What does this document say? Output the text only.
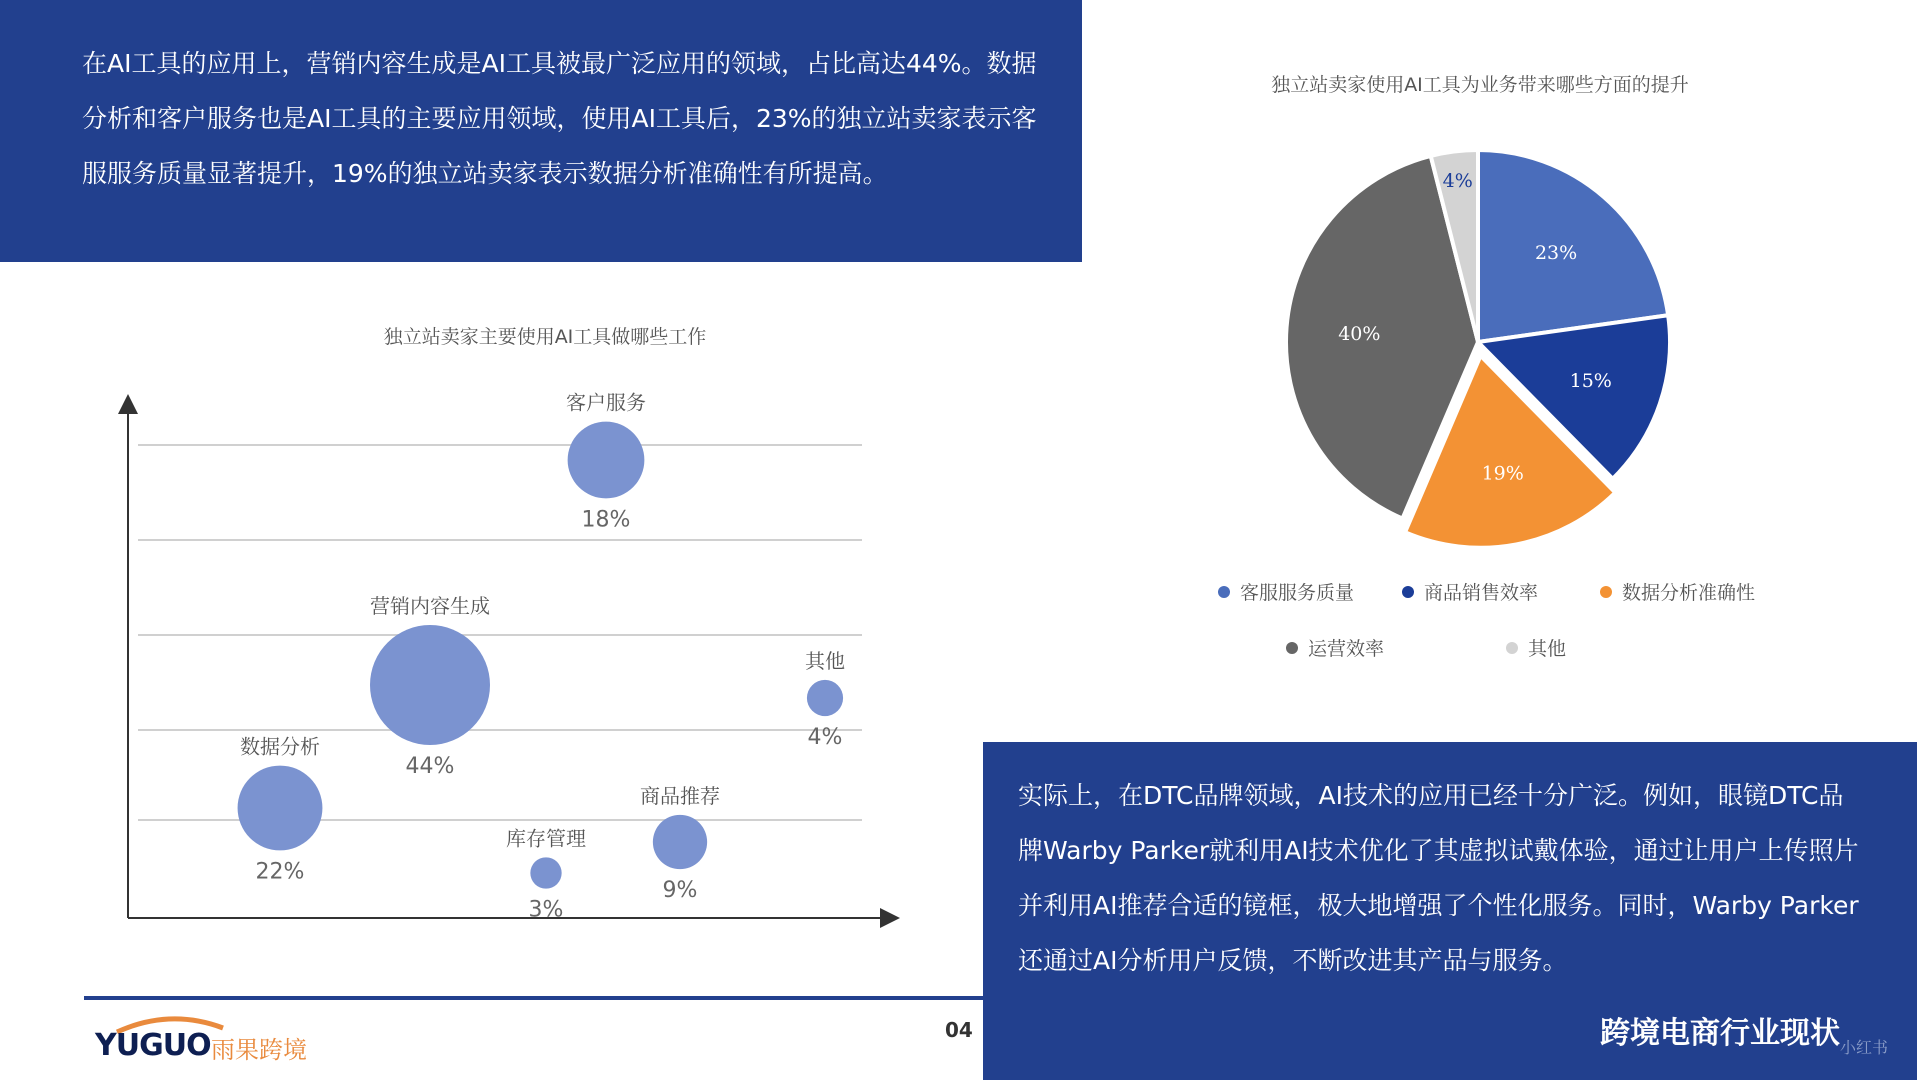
在AI工具的应用上，营销内容生成是AI工具被最广泛应用的领域，占比高达44%。数据分析和客户服务也是AI工具的主要应用领域，使用AI工具后，23%的独立站卖家表示客服服务质量显著提升，19%的独立站卖家表示数据分析准确性有所提高。
独立站卖家主要使用AI工具做哪些工作
独立站卖家使用AI工具为业务带来哪些方面的提升
客户服务
18%
营销内容生成
44%
其他
4%
数据分析
22%
库存管理
3%
商品推荐
9%
23%
15%
19%
40%
4%
客服服务质量	商品销售效率	数据分析准确性
运营效率	其他
实际上，在DTC品牌领域，AI技术的应用已经十分广泛。例如，眼镜DTC品牌Warby Parker就利用AI技术优化了其虚拟试戴体验，通过让用户上传照片并利用AI推荐合适的镜框，极大地增强了个性化服务。同时，Warby Parker还通过AI分析用户反馈，不断改进其产品与服务。
YUGUO 雨果跨境
04	跨境电商行业现状 小红书
